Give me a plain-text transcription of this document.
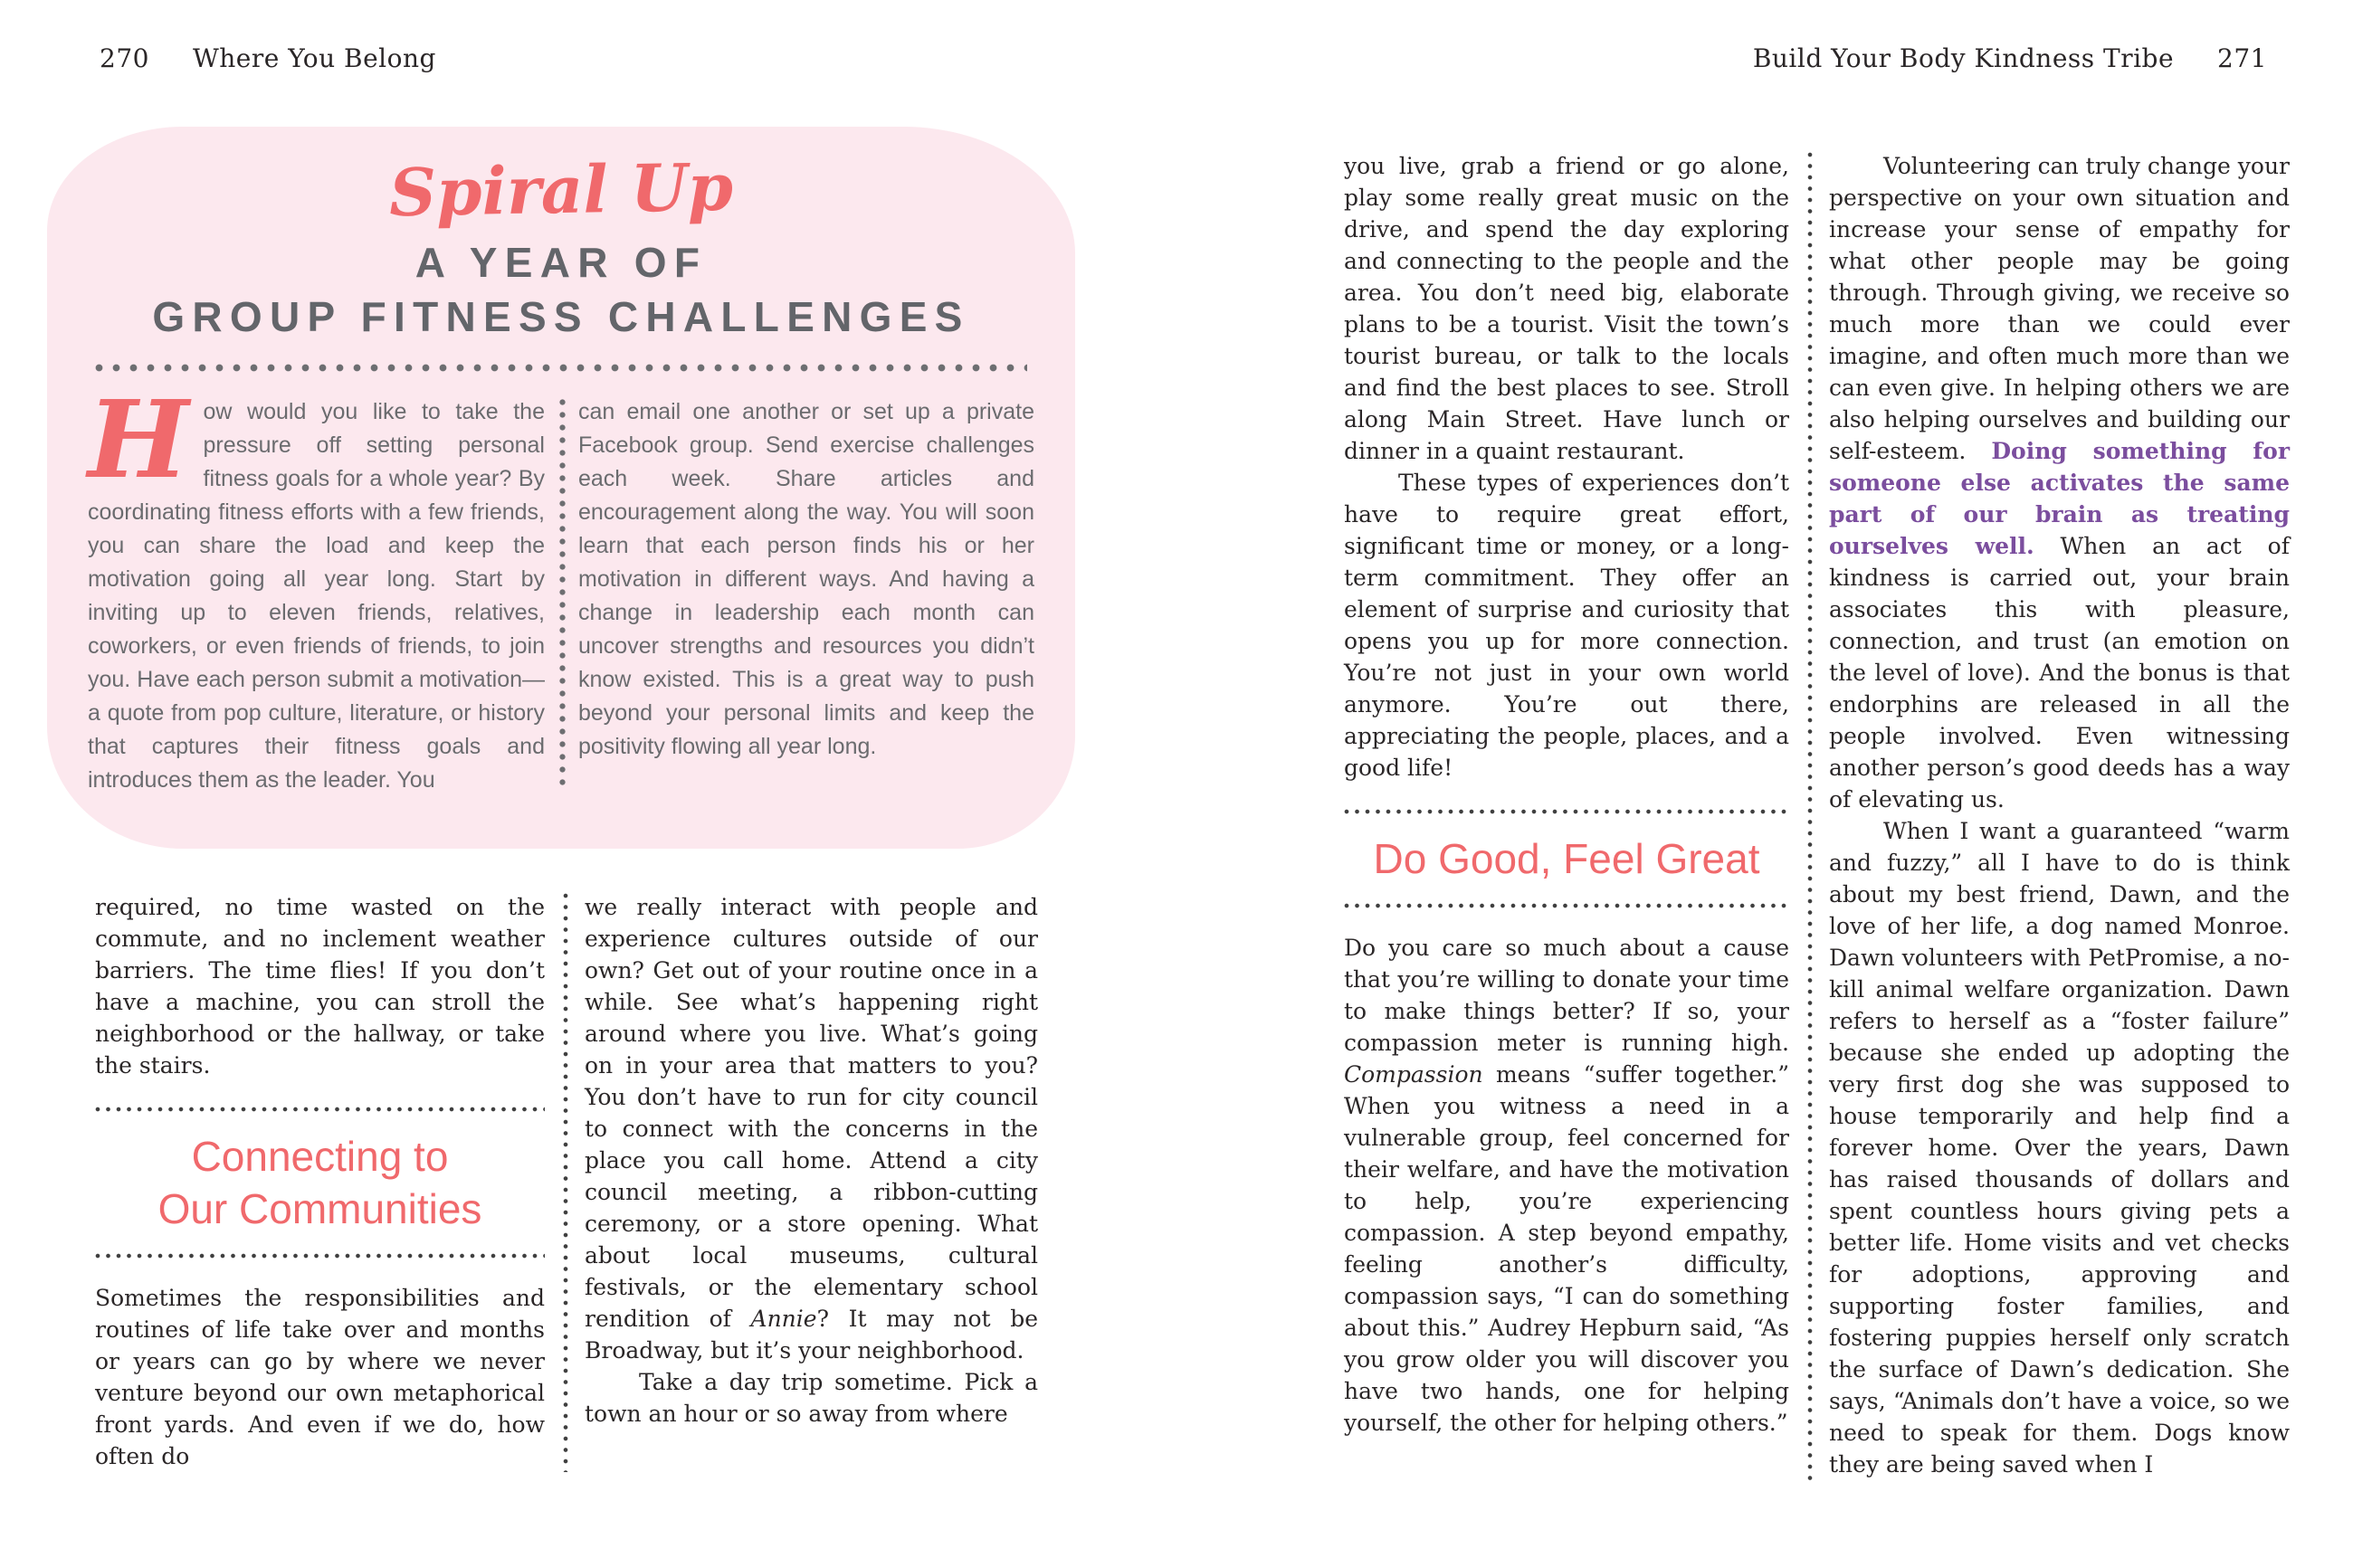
270 Where You Belong	Build Your Body Kindness Tribe 271
Spiral Up
A YEAR OF
GROUP FITNESS CHALLENGES
How would you like to take the pressure off setting personal fitness goals for a whole year? By coordinating fitness efforts with a few friends, you can share the load and keep the motivation going all year long. Start by inviting up to eleven friends, relatives, coworkers, or even friends of friends, to join you. Have each person submit a motivation—a quote from pop culture, literature, or history that captures their fitness goals and introduces them as the leader. You
can email one another or set up a private Facebook group. Send exercise challenges each week. Share articles and encouragement along the way. You will soon learn that each person finds his or her motivation in different ways. And having a change in leadership each month can uncover strengths and resources you didn’t know existed. This is a great way to push beyond your personal limits and keep the positivity flowing all year long.

required, no time wasted on the commute, and no inclement weather barriers. The time flies! If you don’t have a machine, you can stroll the neighborhood or the hallway, or take the stairs.

Connecting to
Our Communities

Sometimes the responsibilities and routines of life take over and months or years can go by where we never venture beyond our own metaphorical front yards. And even if we do, how often do

we really interact with people and experience cultures outside of our own? Get out of your routine once in a while. See what’s happening right around where you live. What’s going on in your area that matters to you? You don’t have to run for city council to connect with the concerns in the place you call home. Attend a city council meeting, a ribbon-cutting ceremony, or a store opening. What about local museums, cultural festivals, or the elementary school rendition of Annie? It may not be Broadway, but it’s your neighborhood.

Take a day trip sometime. Pick a town an hour or so away from where

you live, grab a friend or go alone, play some really great music on the drive, and spend the day exploring and connecting to the people and the area. You don’t need big, elaborate plans to be a tourist. Visit the town’s tourist bureau, or talk to the locals and find the best places to see. Stroll along Main Street. Have lunch or dinner in a quaint restaurant.

These types of experiences don’t have to require great effort, significant time or money, or a long-term commitment. They offer an element of surprise and curiosity that opens you up for more connection. You’re not just in your own world anymore. You’re out there, appreciating the people, places, and a good life!

Do Good, Feel Great

Do you care so much about a cause that you’re willing to donate your time to make things better? If so, your compassion meter is running high. Compassion means “suffer together.” When you witness a need in a vulnerable group, feel concerned for their welfare, and have the motivation to help, you’re experiencing compassion. A step beyond empathy, feeling another’s difficulty, compassion says, “I can do something about this.” Audrey Hepburn said, “As you grow older you will discover you have two hands, one for helping yourself, the other for helping others.”

Volunteering can truly change your perspective on your own situation and increase your sense of empathy for what other people may be going through. Through giving, we receive so much more than we could ever imagine, and often much more than we can even give. In helping others we are also helping ourselves and building our self-esteem. Doing something for someone else activates the same part of our brain as treating ourselves well. When an act of kindness is carried out, your brain associates this with pleasure, connection, and trust (an emotion on the level of love). And the bonus is that endorphins are released in all the people involved. Even witnessing another person’s good deeds has a way of elevating us.

When I want a guaranteed “warm and fuzzy,” all I have to do is think about my best friend, Dawn, and the love of her life, a dog named Monroe. Dawn volunteers with PetPromise, a no-kill animal welfare organization. Dawn refers to herself as a “foster failure” because she ended up adopting the very first dog she was supposed to house temporarily and help find a forever home. Over the years, Dawn has raised thousands of dollars and spent countless hours giving pets a better life. Home visits and vet checks for adoptions, approving and supporting foster families, and fostering puppies herself only scratch the surface of Dawn’s dedication. She says, “Animals don’t have a voice, so we need to speak for them. Dogs know they are being saved when I
